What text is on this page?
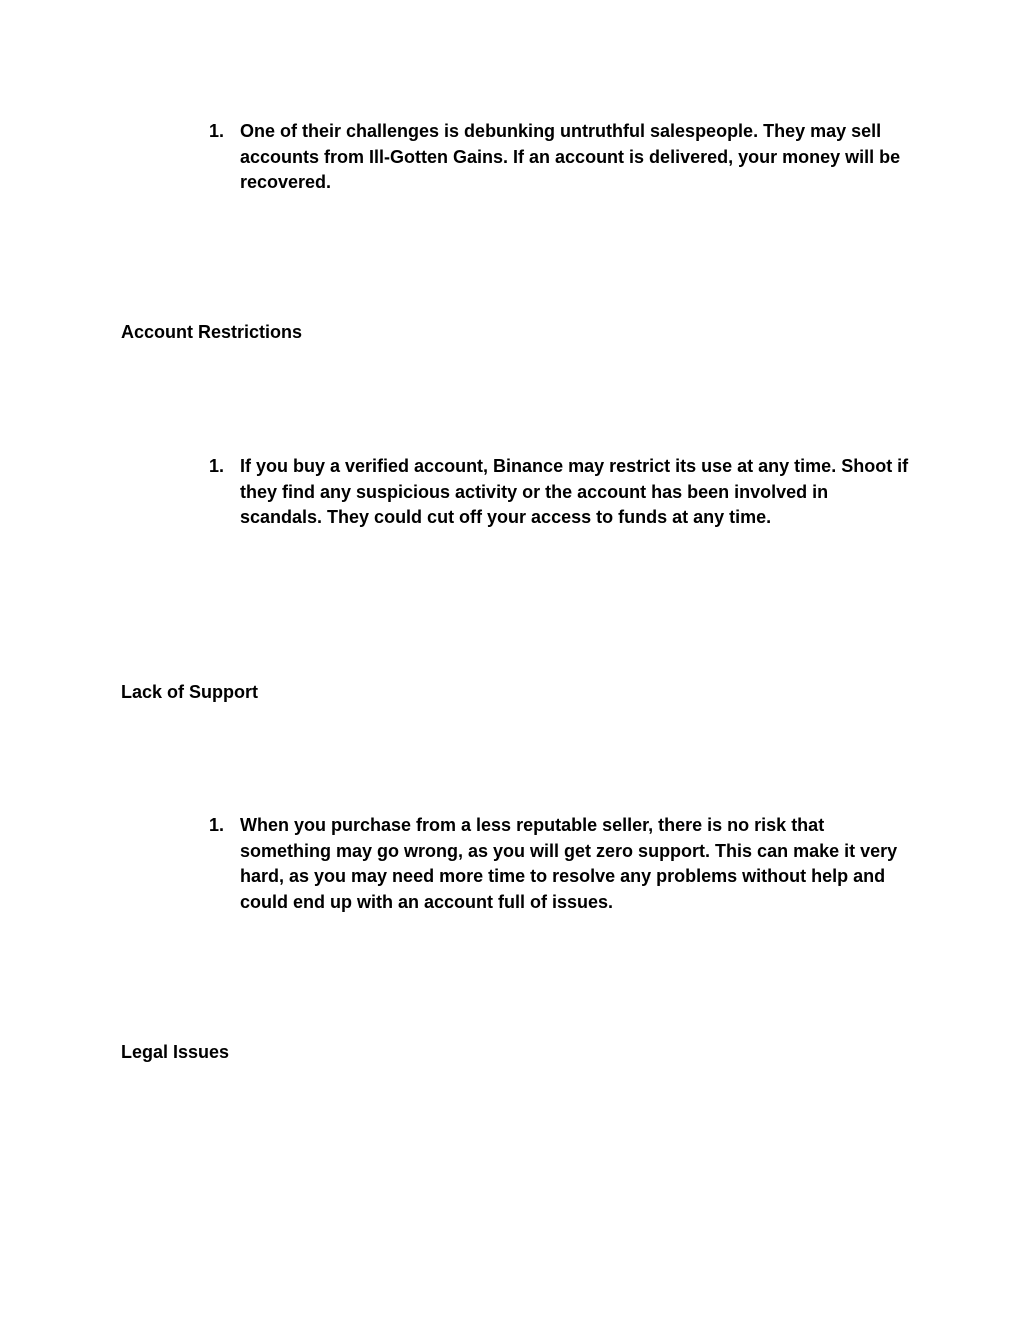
1. One of their challenges is debunking untruthful salespeople. They may sell accounts from Ill-Gotten Gains. If an account is delivered, your money will be recovered.
Account Restrictions
1. If you buy a verified account, Binance may restrict its use at any time. Shoot if they find any suspicious activity or the account has been involved in scandals. They could cut off your access to funds at any time.
Lack of Support
1. When you purchase from a less reputable seller, there is no risk that something may go wrong, as you will get zero support. This can make it very hard, as you may need more time to resolve any problems without help and could end up with an account full of issues.
Legal Issues
